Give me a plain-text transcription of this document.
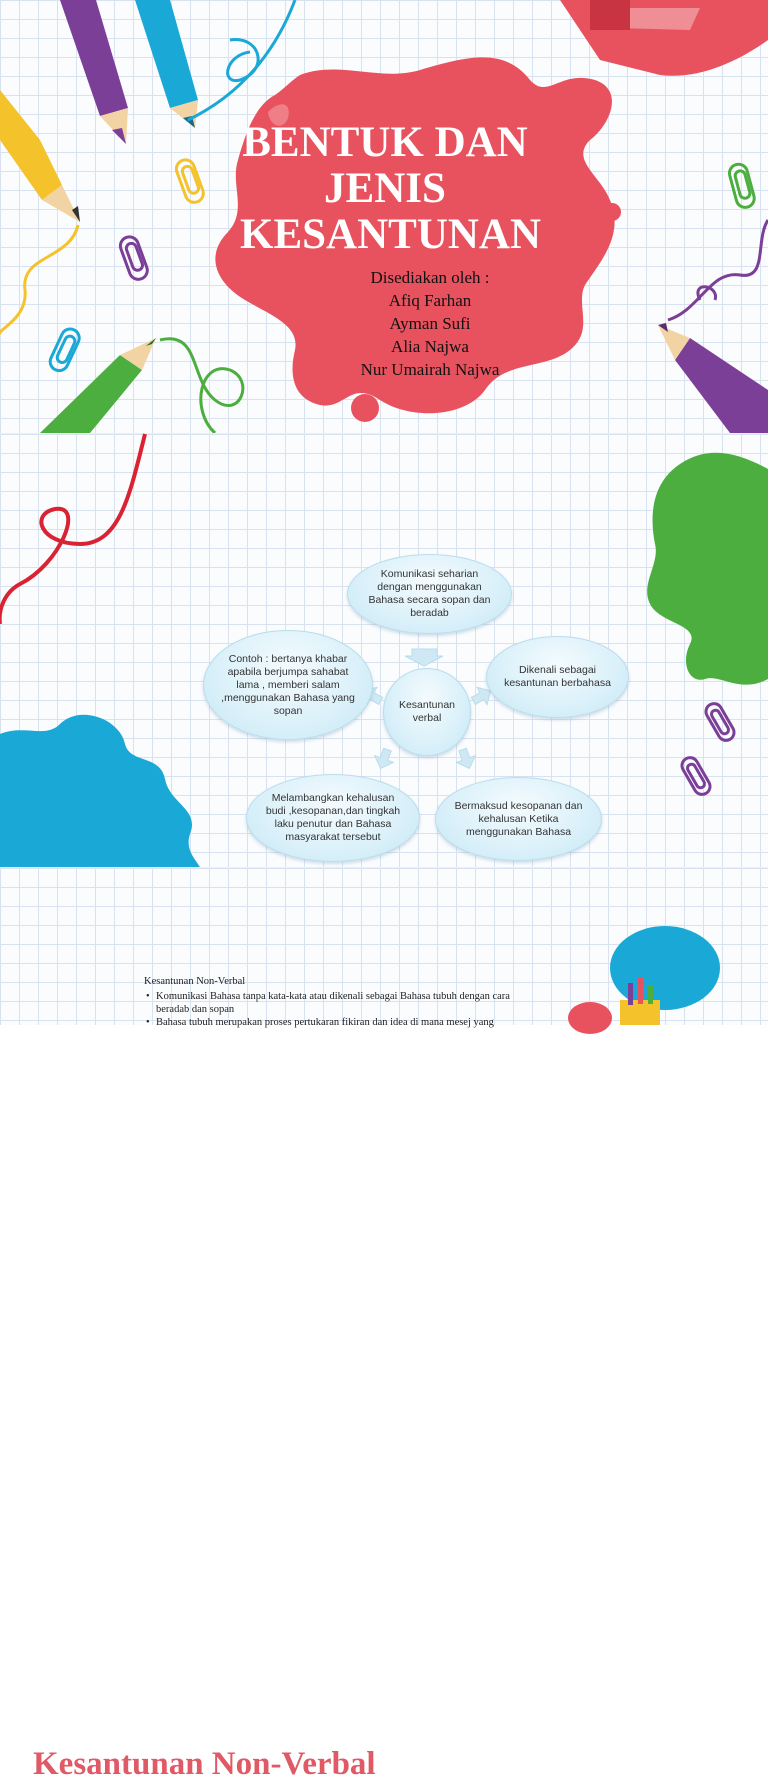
BENTUK DAN JENIS KESANTUNAN
Disediakan oleh :
Afiq Farhan
Ayman Sufi
Alia Najwa
Nur Umairah Najwa
Komunikasi seharian dengan menggunakan Bahasa secara sopan dan beradab
Dikenali sebagai kesantunan berbahasa
Bermaksud kesopanan dan kehalusan Ketika menggunakan Bahasa
Melambangkan kehalusan budi ,kesopanan,dan tingkah laku penutur dan Bahasa masyarakat tersebut
Contoh : bertanya khabar apabila berjumpa sahabat lama , memberi salam ,menggunakan Bahasa yang sopan	Kesantunan verbal
Kesantunan Non-Verbal
Kesantunan Non-Verbal
• Komunikasi Bahasa tanpa kata-kata atau dikenali sebagai Bahasa tubuh dengan cara beradab dan sopan
• Bahasa tubuh merupakan proses pertukaran fikiran dan idea di mana mesej yang
